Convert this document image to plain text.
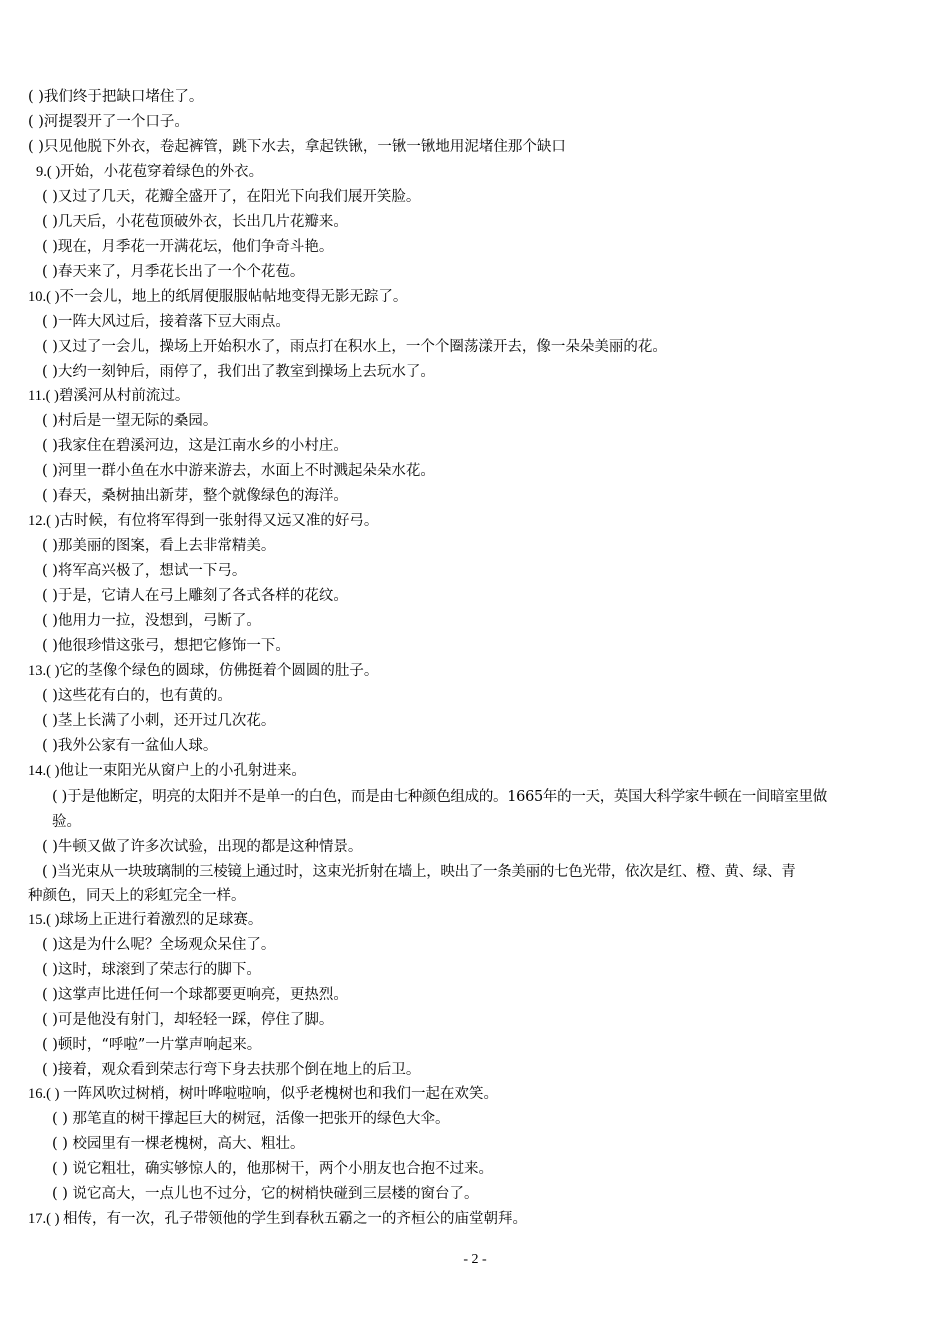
( )我们终于把缺口堵住了。
( )河提裂开了一个口子。
( )只见他脱下外衣，卷起裤管，跳下水去，拿起铁锹，一锹一锹地用泥堵住那个缺口
9.( )开始，小花苞穿着绿色的外衣。
( )又过了几天，花瓣全盛开了，在阳光下向我们展开笑脸。
( )几天后，小花苞顶破外衣，长出几片花瓣来。
( )现在，月季花一开满花坛，他们争奇斗艳。
( )春天来了，月季花长出了一个个花苞。
10.( )不一会儿，地上的纸屑便服服帖帖地变得无影无踪了。
( )一阵大风过后，接着落下豆大雨点。
( )又过了一会儿，操场上开始积水了，雨点打在积水上，一个个圈荡漾开去，像一朵朵美丽的花。
( )大约一刻钟后，雨停了，我们出了教室到操场上去玩水了。
11.( )碧溪河从村前流过。
( )村后是一望无际的桑园。
( )我家住在碧溪河边，这是江南水乡的小村庄。
( )河里一群小鱼在水中游来游去，水面上不时溅起朵朵水花。
( )春天，桑树抽出新芽，整个就像绿色的海洋。
12.( )古时候，有位将军得到一张射得又远又准的好弓。
( )那美丽的图案，看上去非常精美。
( )将军高兴极了，想试一下弓。
( )于是，它请人在弓上雕刻了各式各样的花纹。
( )他用力一拉，没想到，弓断了。
( )他很珍惜这张弓，想把它修饰一下。
13.( )它的茎像个绿色的圆球，仿佛挺着个圆圆的肚子。
( )这些花有白的，也有黄的。
( )茎上长满了小刺，还开过几次花。
( )我外公家有一盆仙人球。
14.( )他让一束阳光从窗户上的小孔射进来。
( )于是他断定，明亮的太阳并不是单一的白色，而是由七种颜色组成的。1665年的一天，英国大科学家牛顿在一间暗室里做
验。
( )牛顿又做了许多次试验，出现的都是这种情景。
( )当光束从一块玻璃制的三棱镜上通过时，这束光折射在墙上，映出了一条美丽的七色光带，依次是红、橙、黄、绿、青
种颜色，同天上的彩虹完全一样。
15.( )球场上正进行着激烈的足球赛。
( )这是为什么呢？全场观众呆住了。
( )这时，球滚到了荣志行的脚下。
( )这掌声比进任何一个球都要更响亮，更热烈。
( )可是他没有射门，却轻轻一踩，停住了脚。
( )顿时，“呼啦”一片掌声响起来。
( )接着，观众看到荣志行弯下身去扶那个倒在地上的后卫。
16.( ) 一阵风吹过树梢，树叶哗啦啦响，似乎老槐树也和我们一起在欢笑。
( ) 那笔直的树干撑起巨大的树冠，活像一把张开的绿色大伞。
( ) 校园里有一棵老槐树，高大、粗壮。
( ) 说它粗壮，确实够惊人的，他那树干，两个小朋友也合抱不过来。
( ) 说它高大，一点儿也不过分，它的树梢快碰到三层楼的窗台了。
17.( ) 相传，有一次，孔子带领他的学生到春秋五霸之一的齐桓公的庙堂朝拜。
- 2 -
